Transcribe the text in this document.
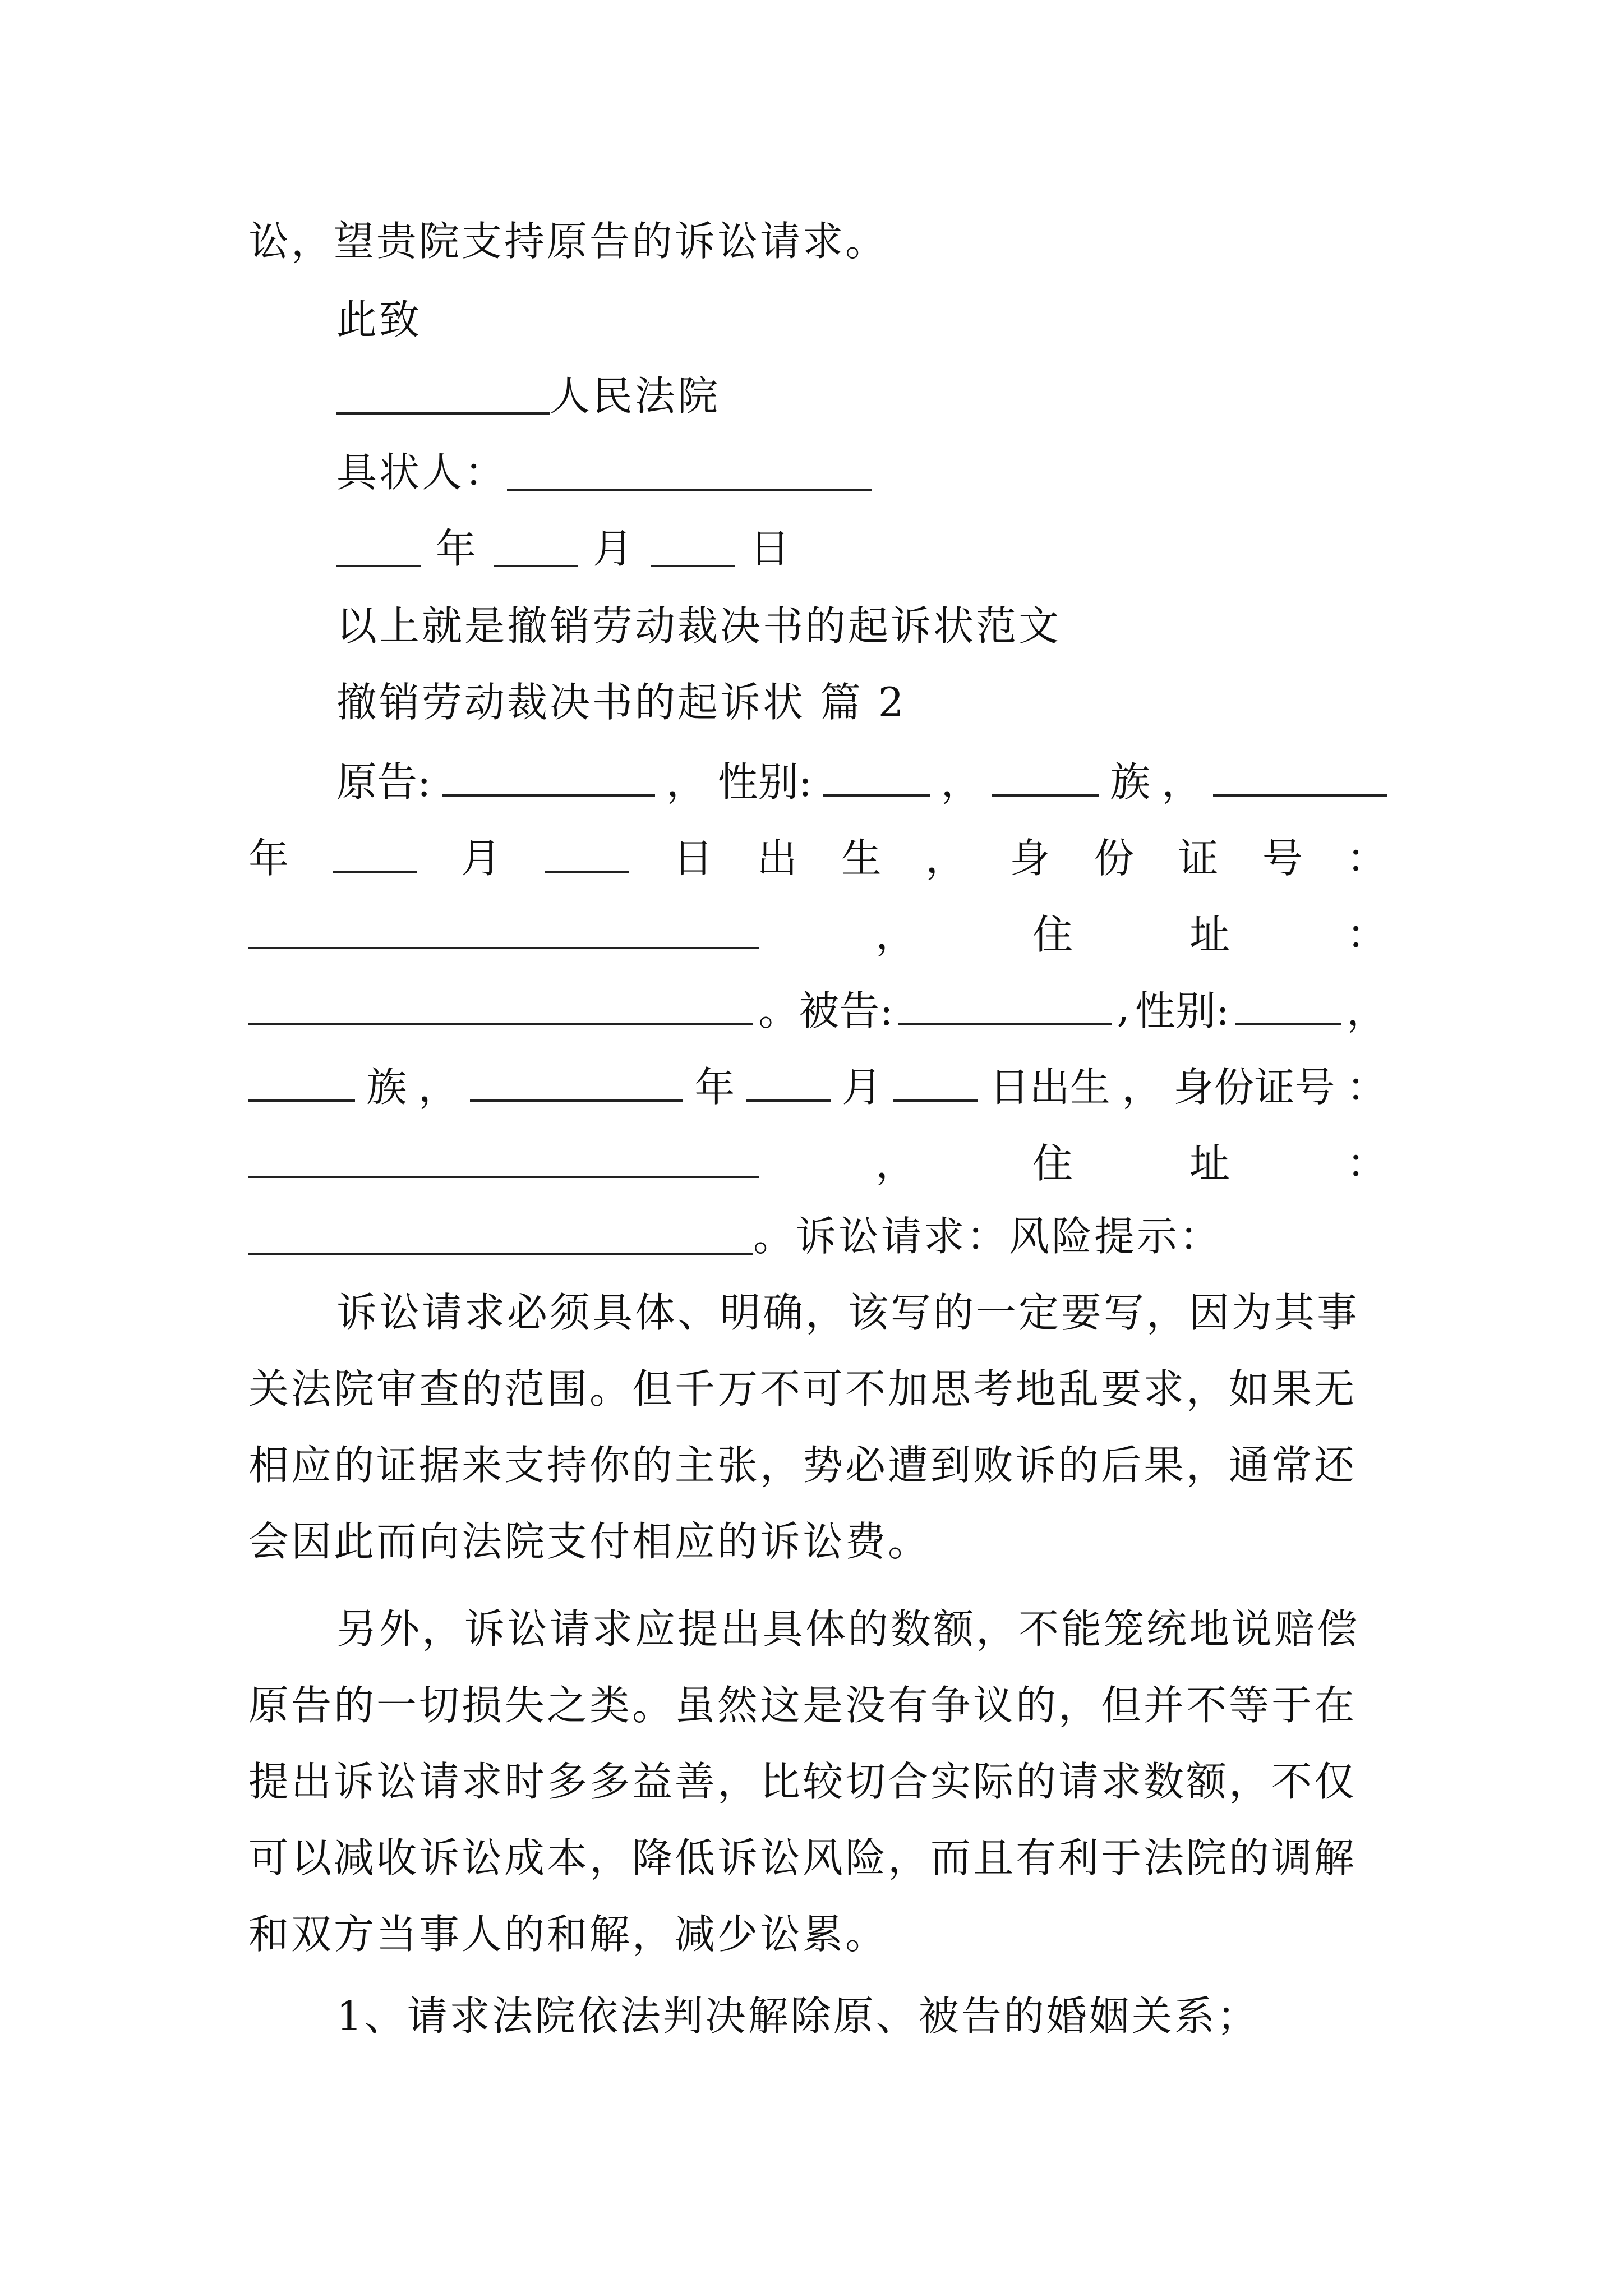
讼，望贵院支持原告的诉讼请求。

此致

人民法院

具状人：

年	月	日

以上就是撤销劳动裁决书的起诉状范文

撤销劳动裁决书的起诉状 篇 2

原告:	， 性别:	，	族 ，
年	月	日 出 生 ， 身 份 证 号 ：
，	住	址	：
。被告:	, 性别:	，
族 ，	年	月	日出生 ， 身份证号 ：
，	住	址	：

。诉讼请求：风险提示：

诉讼请求必须具体、明确，该写的一定要写，因为其事

关法院审查的范围。但千万不可不加思考地乱要求，如果无

相应的证据来支持你的主张，势必遭到败诉的后果，通常还

会因此而向法院支付相应的诉讼费。

另外，诉讼请求应提出具体的数额，不能笼统地说赔偿

原告的一切损失之类。虽然这是没有争议的，但并不等于在

提出诉讼请求时多多益善，比较切合实际的请求数额，不仅

可以减收诉讼成本，降低诉讼风险，而且有利于法院的调解

和双方当事人的和解，减少讼累。

1、请求法院依法判决解除原、被告的婚姻关系；
